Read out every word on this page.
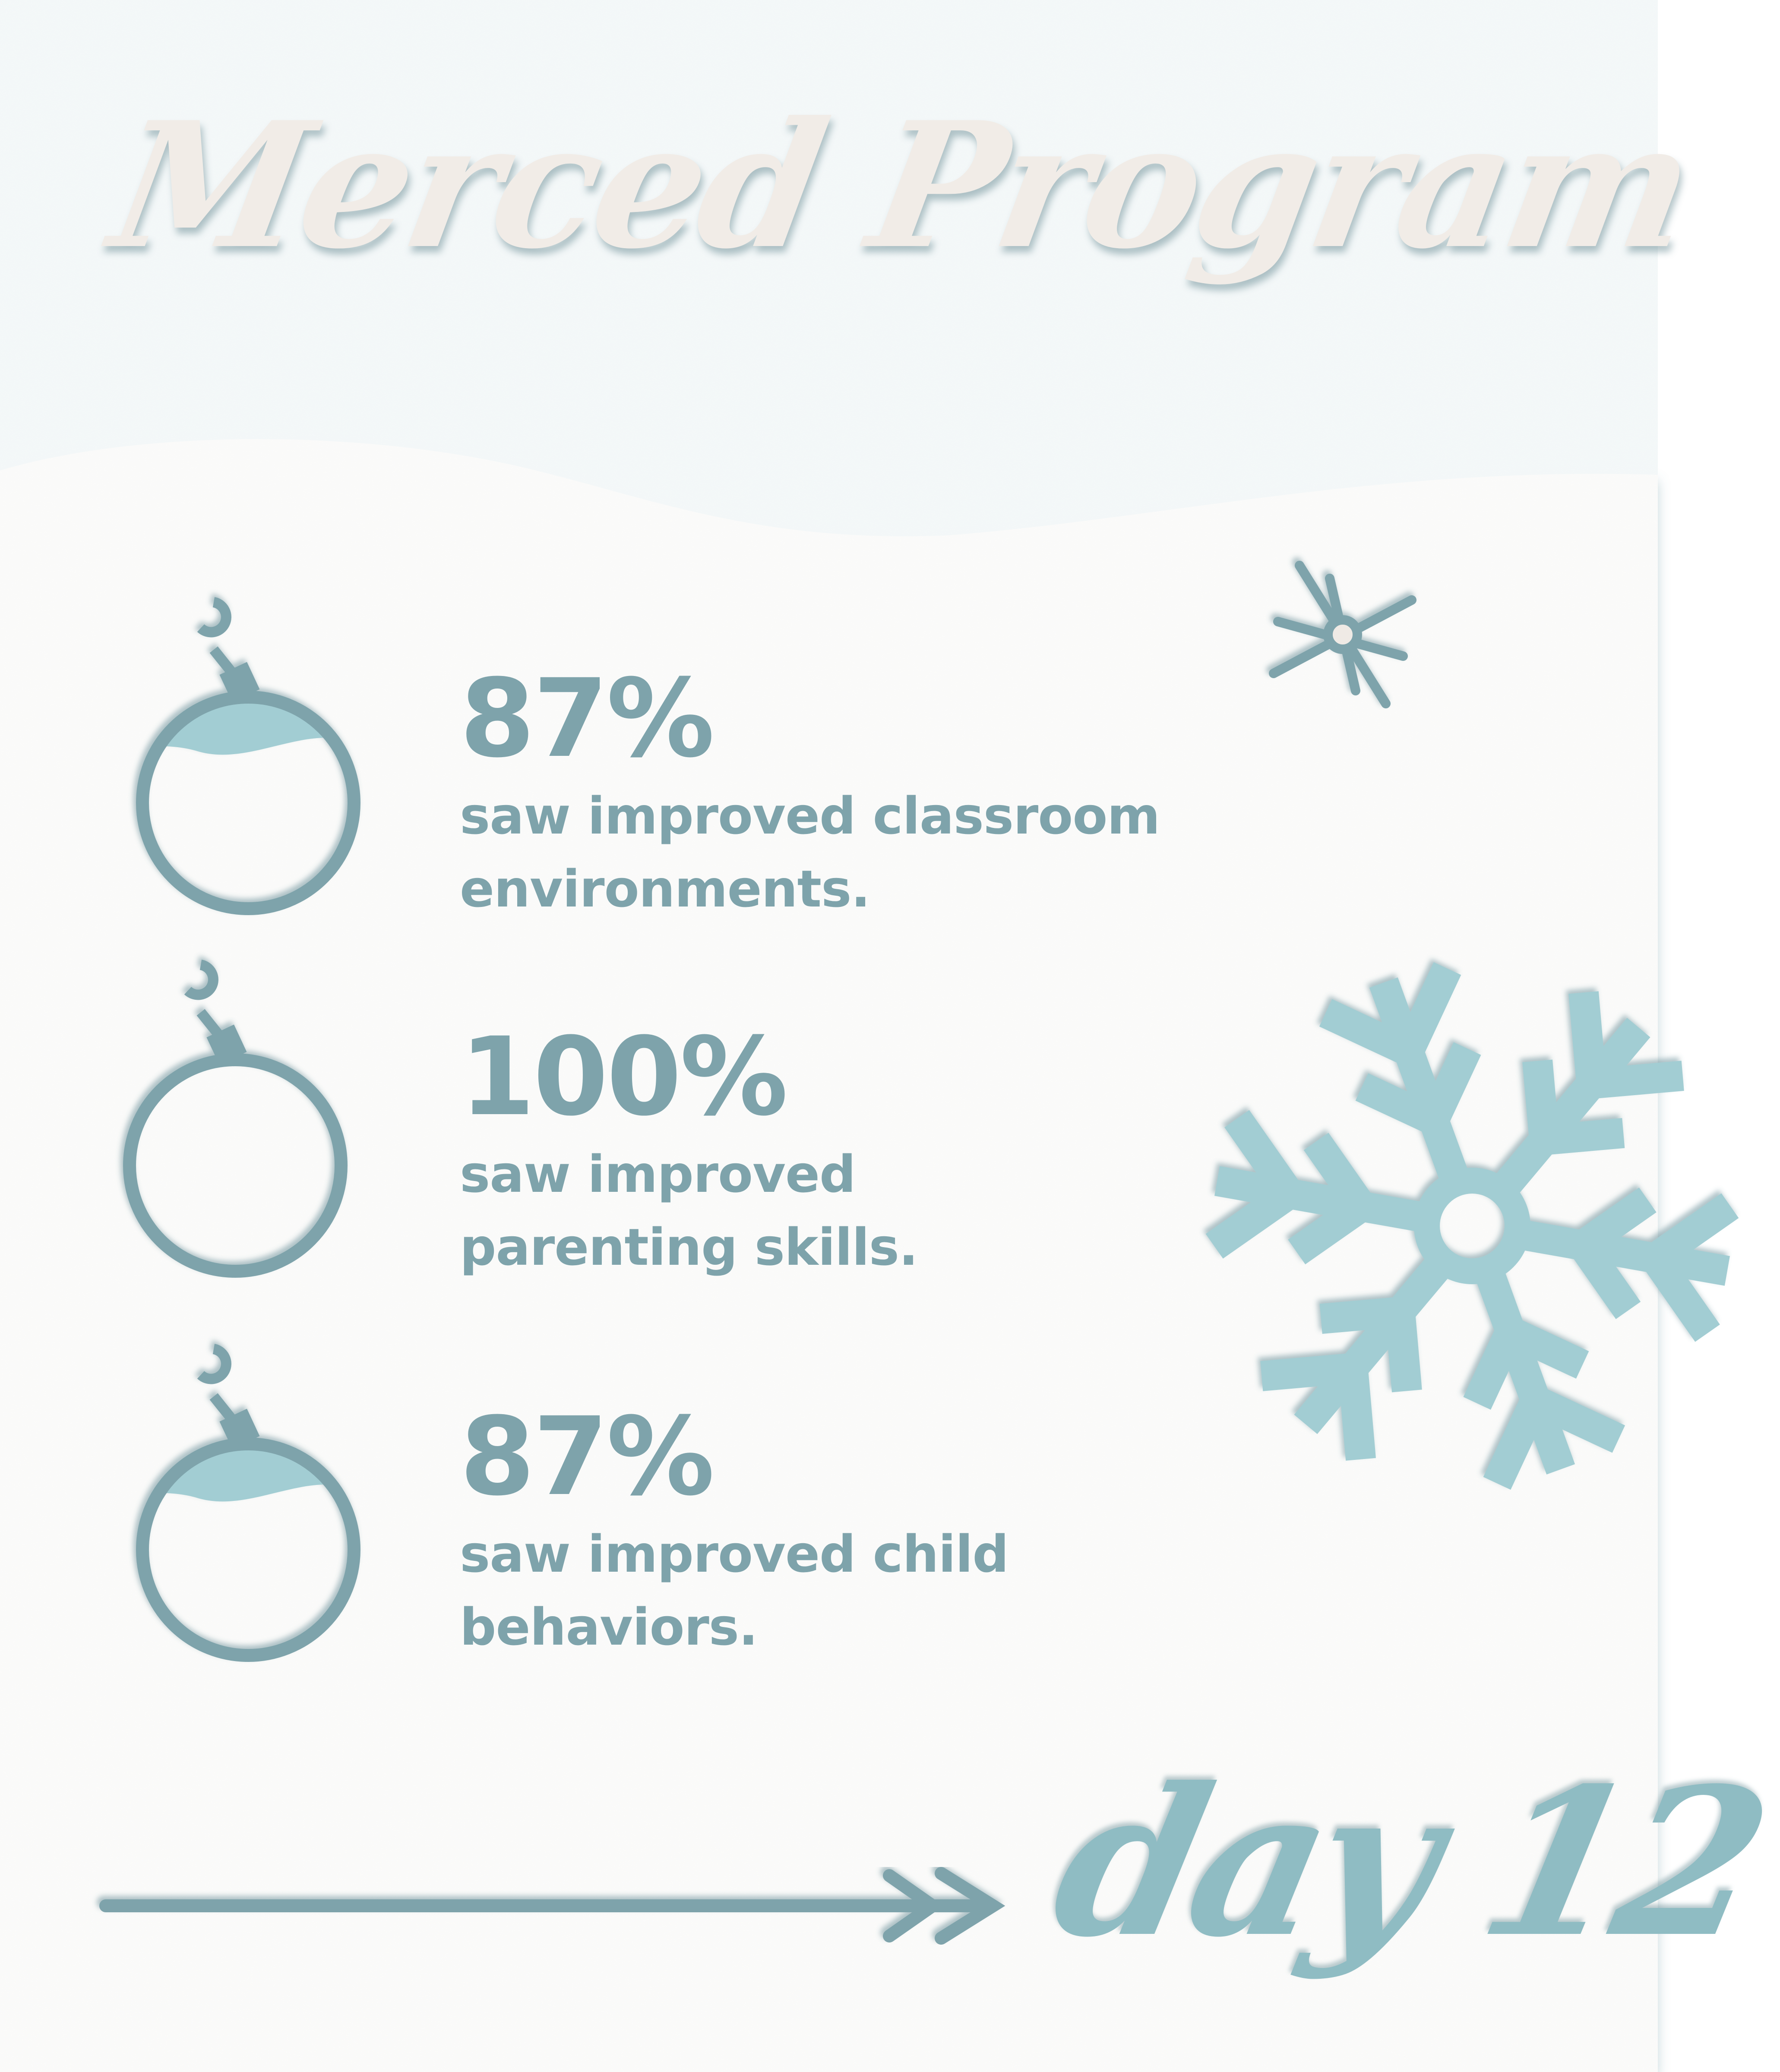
Merced Program
87%
saw improved classroom
environments.
100%
saw improved
parenting skills.
87%
saw improved child
behaviors.
day 12
